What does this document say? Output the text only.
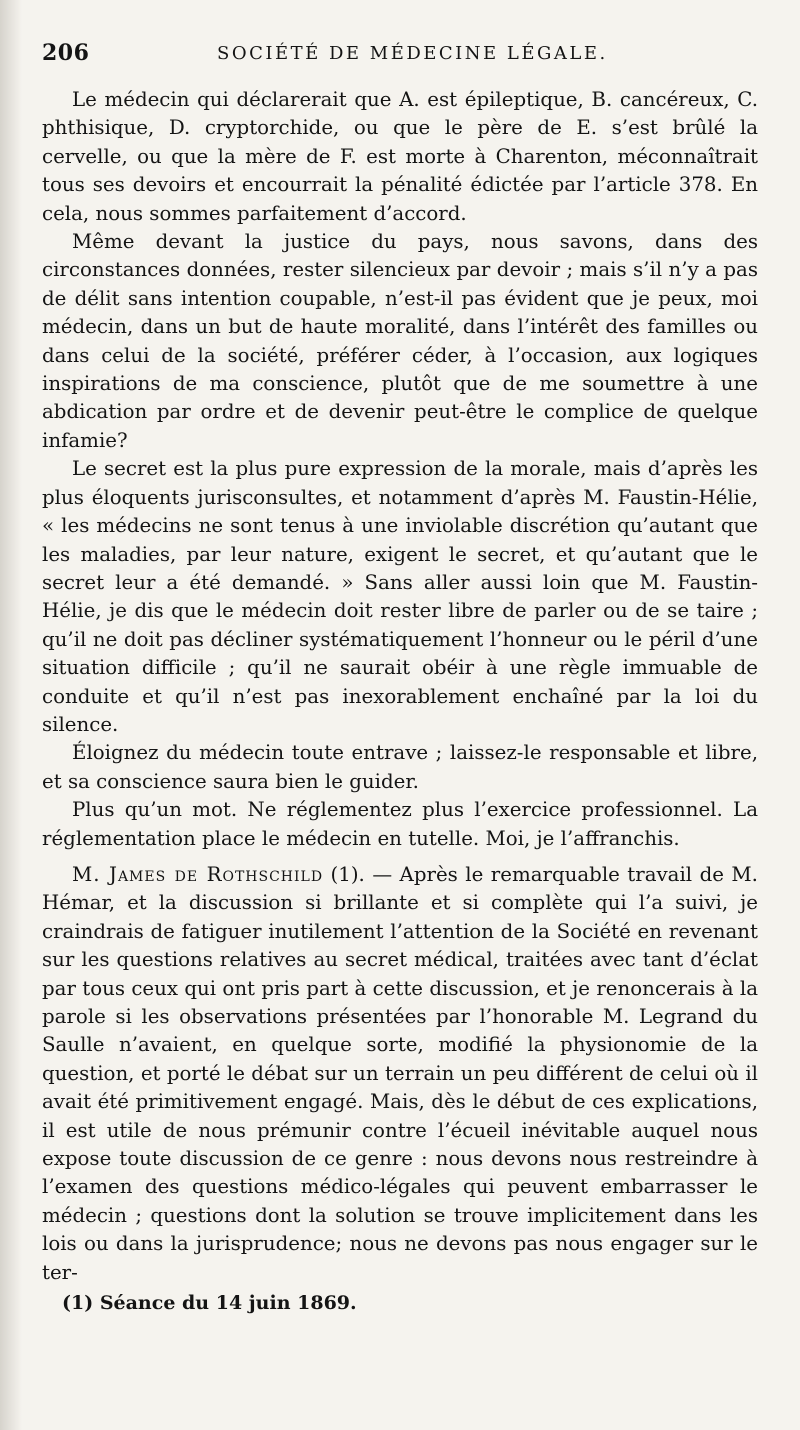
206	SOCIÉTÉ DE MÉDECINE LÉGALE.

Le médecin qui déclarerait que A. est épileptique, B. cancéreux, C. phthisique, D. cryptorchide, ou que le père de E. s’est brûlé la cervelle, ou que la mère de F. est morte à Charenton, méconnaîtrait tous ses devoirs et encourrait la pénalité édictée par l’article 378. En cela, nous sommes parfaitement d’accord.

Même devant la justice du pays, nous savons, dans des circonstances données, rester silencieux par devoir ; mais s’il n’y a pas de délit sans intention coupable, n’est-il pas évident que je peux, moi médecin, dans un but de haute moralité, dans l’intérêt des familles ou dans celui de la société, préférer céder, à l’occasion, aux logiques inspirations de ma conscience, plutôt que de me soumettre à une abdication par ordre et de devenir peut-être le complice de quelque infamie?

Le secret est la plus pure expression de la morale, mais d’après les plus éloquents jurisconsultes, et notamment d’après M. Faustin-Hélie, « les médecins ne sont tenus à une inviolable discrétion qu’autant que les maladies, par leur nature, exigent le secret, et qu’autant que le secret leur a été demandé. » Sans aller aussi loin que M. Faustin-Hélie, je dis que le médecin doit rester libre de parler ou de se taire ; qu’il ne doit pas décliner systématiquement l’honneur ou le péril d’une situation difficile ; qu’il ne saurait obéir à une règle immuable de conduite et qu’il n’est pas inexorablement enchaîné par la loi du silence.

Éloignez du médecin toute entrave ; laissez-le responsable et libre, et sa conscience saura bien le guider.

Plus qu’un mot. Ne réglementez plus l’exercice professionnel. La réglementation place le médecin en tutelle. Moi, je l’affranchis.

M. James de Rothschild (1). — Après le remarquable travail de M. Hémar, et la discussion si brillante et si complète qui l’a suivi, je craindrais de fatiguer inutilement l’attention de la Société en revenant sur les questions relatives au secret médical, traitées avec tant d’éclat par tous ceux qui ont pris part à cette discussion, et je renoncerais à la parole si les observations présentées par l’honorable M. Legrand du Saulle n’avaient, en quelque sorte, modifié la physionomie de la question, et porté le débat sur un terrain un peu différent de celui où il avait été primitivement engagé. Mais, dès le début de ces explications, il est utile de nous prémunir contre l’écueil inévitable auquel nous expose toute discussion de ce genre : nous devons nous restreindre à l’examen des questions médico-légales qui peuvent embarrasser le médecin ; questions dont la solution se trouve implicitement dans les lois ou dans la jurisprudence; nous ne devons pas nous engager sur le ter-

(1) Séance du 14 juin 1869.
